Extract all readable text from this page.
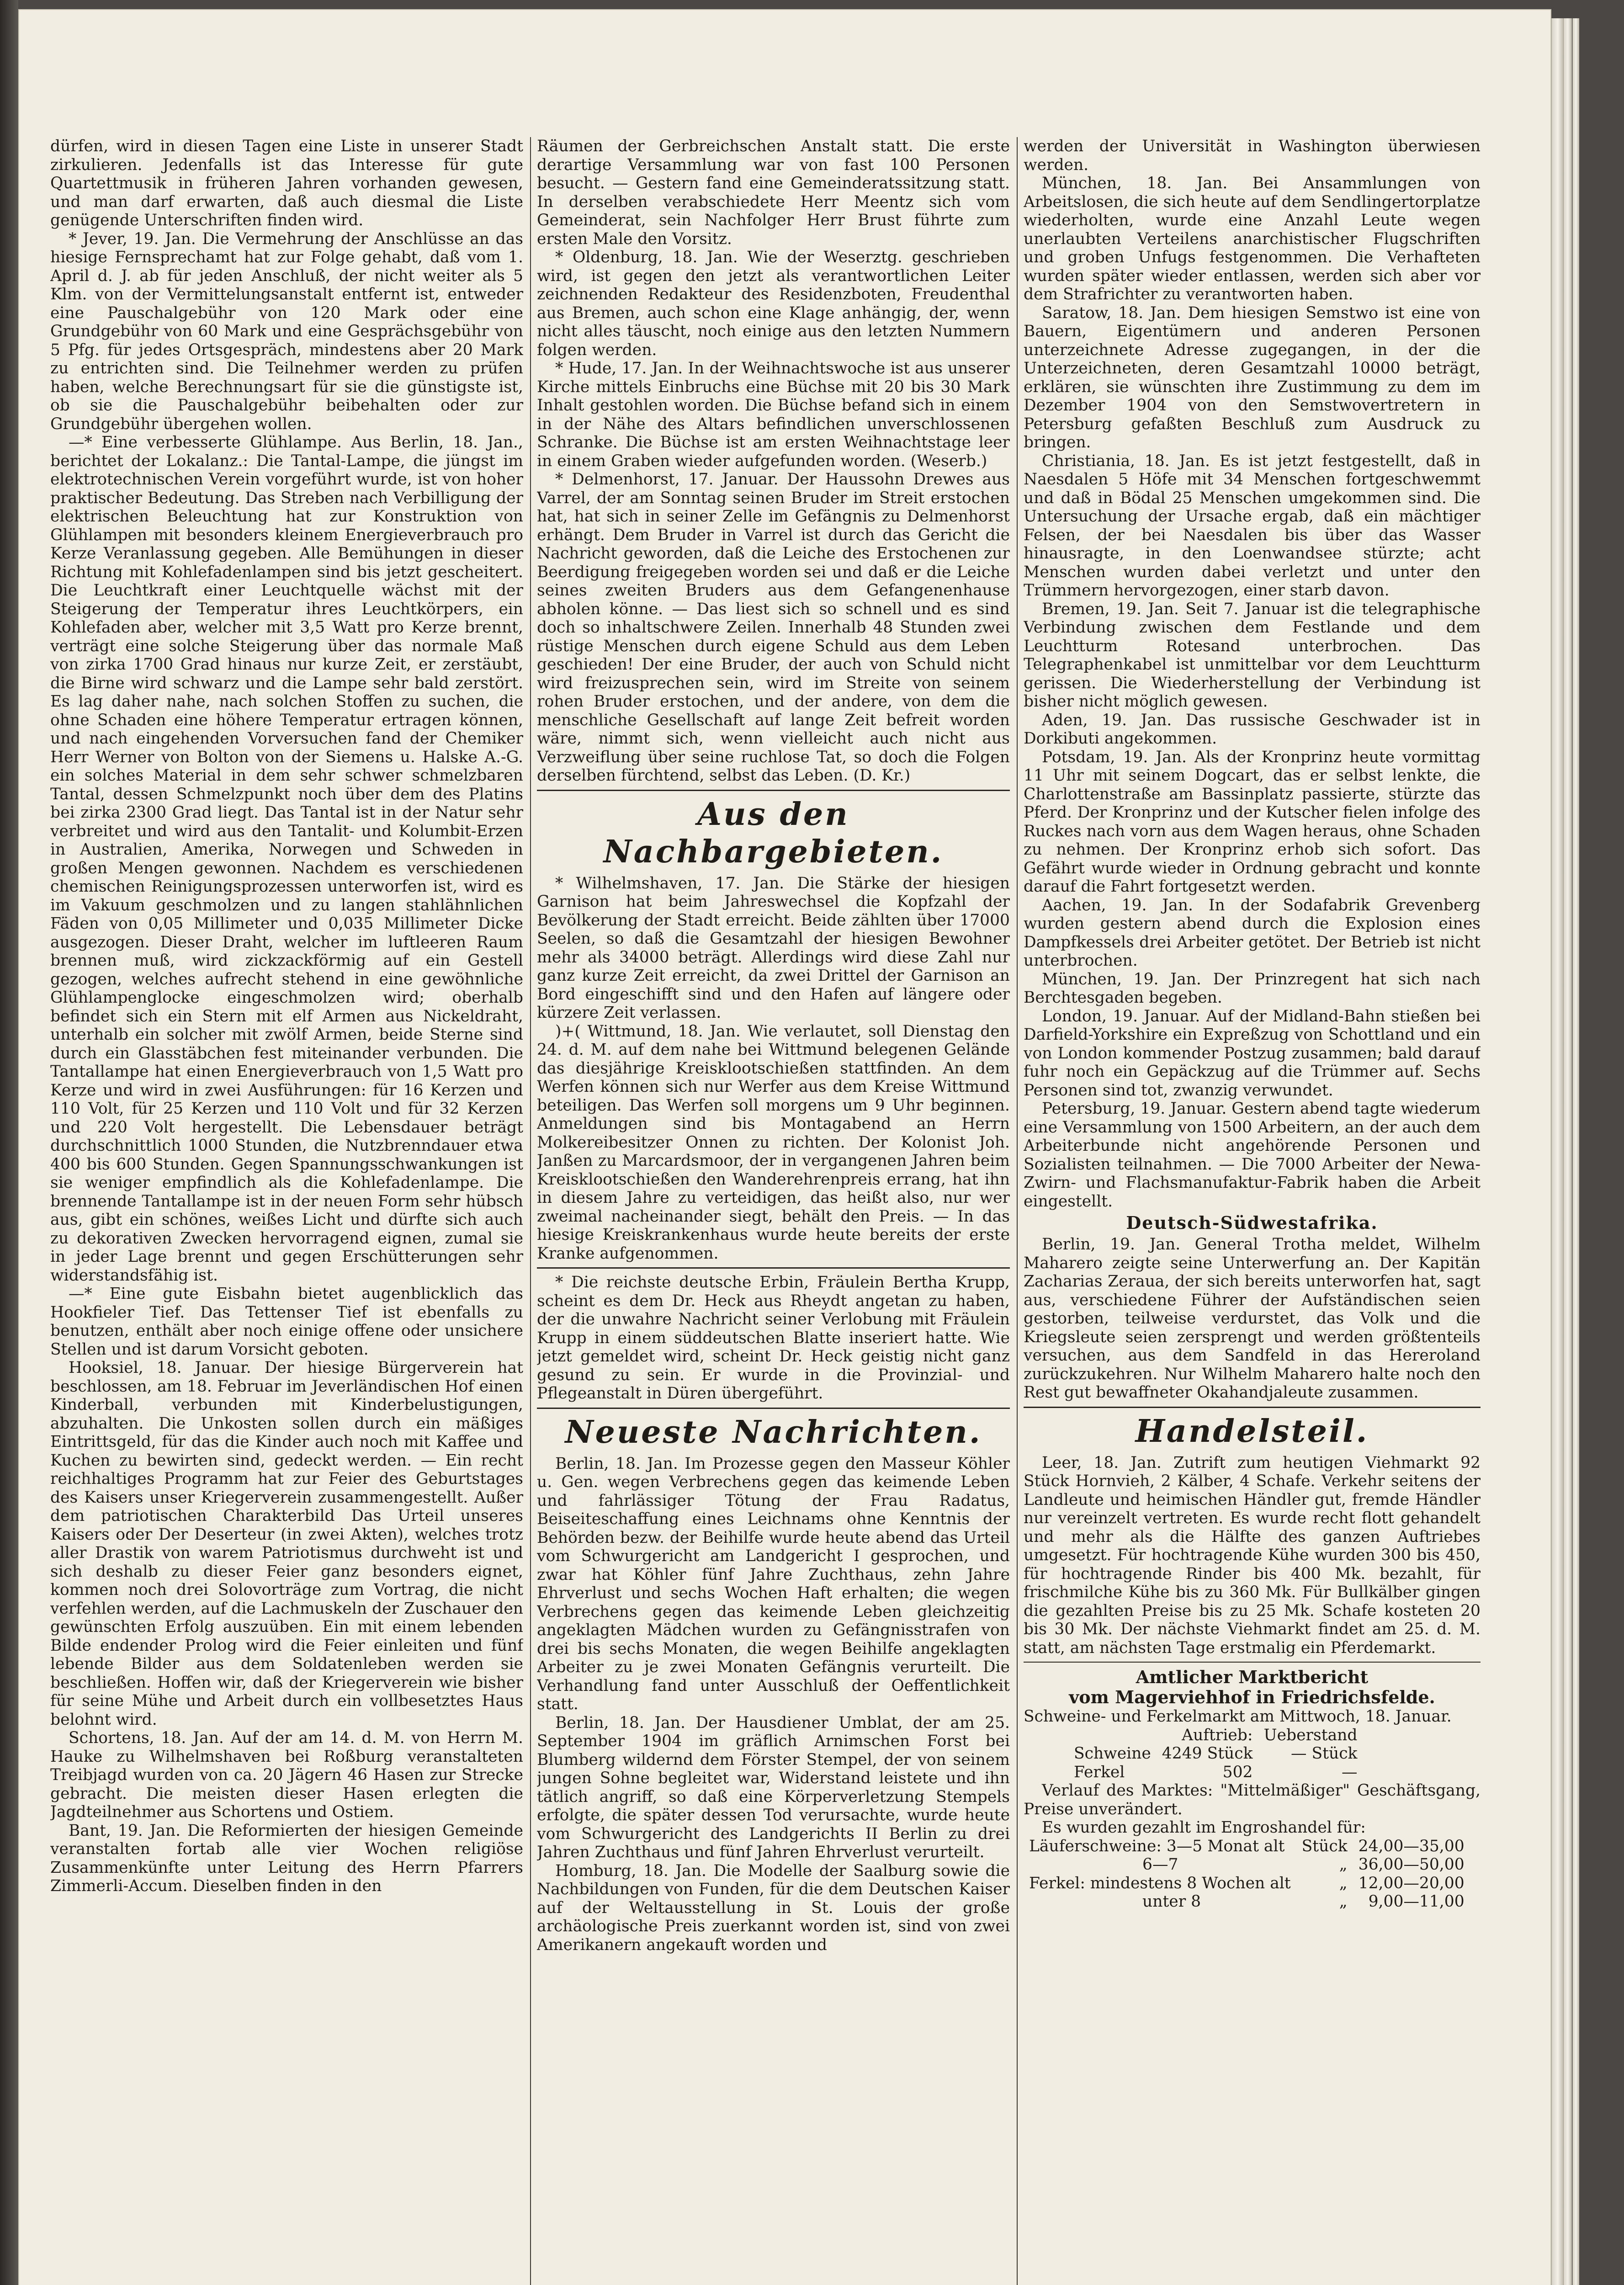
dürfen, wird in diesen Tagen eine Liste in unserer Stadt zirkulieren. Jedenfalls ist das Interesse für gute Quartettmusik in früheren Jahren vorhanden gewesen, und man darf erwarten, daß auch diesmal die Liste genügende Unterschriften finden wird.

* Jever, 19. Jan. Die Vermehrung der Anschlüsse an das hiesige Fernsprechamt hat zur Folge gehabt, daß vom 1. April d. J. ab für jeden Anschluß, der nicht weiter als 5 Klm. von der Vermittelungsanstalt entfernt ist, entweder eine Pauschalgebühr von 120 Mark oder eine Grundgebühr von 60 Mark und eine Gesprächsgebühr von 5 Pfg. für jedes Ortsgespräch, mindestens aber 20 Mark zu entrichten sind. Die Teilnehmer werden zu prüfen haben, welche Berechnungsart für sie die günstigste ist, ob sie die Pauschalgebühr beibehalten oder zur Grundgebühr übergehen wollen.

—* Eine verbesserte Glühlampe. Aus Berlin, 18. Jan., berichtet der Lokalanz.: Die Tantal-Lampe, die jüngst im elektrotechnischen Verein vorgeführt wurde, ist von hoher praktischer Bedeutung. Das Streben nach Verbilligung der elektrischen Beleuchtung hat zur Konstruktion von Glühlampen mit besonders kleinem Energieverbrauch pro Kerze Veranlassung gegeben. Alle Bemühungen in dieser Richtung mit Kohlefadenlampen sind bis jetzt gescheitert. Die Leuchtkraft einer Leuchtquelle wächst mit der Steigerung der Temperatur ihres Leuchtkörpers, ein Kohlefaden aber, welcher mit 3,5 Watt pro Kerze brennt, verträgt eine solche Steigerung über das normale Maß von zirka 1700 Grad hinaus nur kurze Zeit, er zerstäubt, die Birne wird schwarz und die Lampe sehr bald zerstört. Es lag daher nahe, nach solchen Stoffen zu suchen, die ohne Schaden eine höhere Temperatur ertragen können, und nach eingehenden Vorversuchen fand der Chemiker Herr Werner von Bolton von der Siemens u. Halske A.-G. ein solches Material in dem sehr schwer schmelzbaren Tantal, dessen Schmelzpunkt noch über dem des Platins bei zirka 2300 Grad liegt. Das Tantal ist in der Natur sehr verbreitet und wird aus den Tantalit- und Kolumbit-Erzen in Australien, Amerika, Norwegen und Schweden in großen Mengen gewonnen. Nachdem es verschiedenen chemischen Reinigungsprozessen unterworfen ist, wird es im Vakuum geschmolzen und zu langen stahlähnlichen Fäden von 0,05 Millimeter und 0,035 Millimeter Dicke ausgezogen. Dieser Draht, welcher im luftleeren Raum brennen muß, wird zickzackförmig auf ein Gestell gezogen, welches aufrecht stehend in eine gewöhnliche Glühlampenglocke eingeschmolzen wird; oberhalb befindet sich ein Stern mit elf Armen aus Nickeldraht, unterhalb ein solcher mit zwölf Armen, beide Sterne sind durch ein Glasstäbchen fest miteinander verbunden. Die Tantallampe hat einen Energieverbrauch von 1,5 Watt pro Kerze und wird in zwei Ausführungen: für 16 Kerzen und 110 Volt, für 25 Kerzen und 110 Volt und für 32 Kerzen und 220 Volt hergestellt. Die Lebensdauer beträgt durchschnittlich 1000 Stunden, die Nutzbrenndauer etwa 400 bis 600 Stunden. Gegen Spannungsschwankungen ist sie weniger empfindlich als die Kohlefadenlampe. Die brennende Tantallampe ist in der neuen Form sehr hübsch aus, gibt ein schönes, weißes Licht und dürfte sich auch zu dekorativen Zwecken hervorragend eignen, zumal sie in jeder Lage brennt und gegen Erschütterungen sehr widerstandsfähig ist.

—* Eine gute Eisbahn bietet augenblicklich das Hookfieler Tief. Das Tettenser Tief ist ebenfalls zu benutzen, enthält aber noch einige offene oder unsichere Stellen und ist darum Vorsicht geboten.

Hooksiel, 18. Januar. Der hiesige Bürgerverein hat beschlossen, am 18. Februar im Jeverländischen Hof einen Kinderball, verbunden mit Kinderbelustigungen, abzuhalten. Die Unkosten sollen durch ein mäßiges Eintrittsgeld, für das die Kinder auch noch mit Kaffee und Kuchen zu bewirten sind, gedeckt werden. — Ein recht reichhaltiges Programm hat zur Feier des Geburtstages des Kaisers unser Kriegerverein zusammengestellt. Außer dem patriotischen Charakterbild Das Urteil unseres Kaisers oder Der Deserteur (in zwei Akten), welches trotz aller Drastik von warem Patriotismus durchweht ist und sich deshalb zu dieser Feier ganz besonders eignet, kommen noch drei Solovorträge zum Vortrag, die nicht verfehlen werden, auf die Lachmuskeln der Zuschauer den gewünschten Erfolg auszuüben. Ein mit einem lebenden Bilde endender Prolog wird die Feier einleiten und fünf lebende Bilder aus dem Soldatenleben werden sie beschließen. Hoffen wir, daß der Kriegerverein wie bisher für seine Mühe und Arbeit durch ein vollbesetztes Haus belohnt wird.

Schortens, 18. Jan. Auf der am 14. d. M. von Herrn M. Hauke zu Wilhelmshaven bei Roßburg veranstalteten Treibjagd wurden von ca. 20 Jägern 46 Hasen zur Strecke gebracht. Die meisten dieser Hasen erlegten die Jagdteilnehmer aus Schortens und Ostiem.

Bant, 19. Jan. Die Reformierten der hiesigen Gemeinde veranstalten fortab alle vier Wochen religiöse Zusammenkünfte unter Leitung des Herrn Pfarrers Zimmerli-Accum. Dieselben finden in den

Räumen der Gerbreichschen Anstalt statt. Die erste derartige Versammlung war von fast 100 Personen besucht. — Gestern fand eine Gemeinderatssitzung statt. In derselben verabschiedete Herr Meentz sich vom Gemeinderat, sein Nachfolger Herr Brust führte zum ersten Male den Vorsitz.

* Oldenburg, 18. Jan. Wie der Weserztg. geschrieben wird, ist gegen den jetzt als verantwortlichen Leiter zeichnenden Redakteur des Residenzboten, Freudenthal aus Bremen, auch schon eine Klage anhängig, der, wenn nicht alles täuscht, noch einige aus den letzten Nummern folgen werden.

* Hude, 17. Jan. In der Weihnachtswoche ist aus unserer Kirche mittels Einbruchs eine Büchse mit 20 bis 30 Mark Inhalt gestohlen worden. Die Büchse befand sich in einem in der Nähe des Altars befindlichen unverschlossenen Schranke. Die Büchse ist am ersten Weihnachtstage leer in einem Graben wieder aufgefunden worden. (Weserb.)

* Delmenhorst, 17. Januar. Der Haussohn Drewes aus Varrel, der am Sonntag seinen Bruder im Streit erstochen hat, hat sich in seiner Zelle im Gefängnis zu Delmenhorst erhängt. Dem Bruder in Varrel ist durch das Gericht die Nachricht geworden, daß die Leiche des Erstochenen zur Beerdigung freigegeben worden sei und daß er die Leiche seines zweiten Bruders aus dem Gefangenenhause abholen könne. — Das liest sich so schnell und es sind doch so inhaltschwere Zeilen. Innerhalb 48 Stunden zwei rüstige Menschen durch eigene Schuld aus dem Leben geschieden! Der eine Bruder, der auch von Schuld nicht wird freizusprechen sein, wird im Streite von seinem rohen Bruder erstochen, und der andere, von dem die menschliche Gesellschaft auf lange Zeit befreit worden wäre, nimmt sich, wenn vielleicht auch nicht aus Verzweiflung über seine ruchlose Tat, so doch die Folgen derselben fürchtend, selbst das Leben. (D. Kr.)

Aus den Nachbargebieten.

* Wilhelmshaven, 17. Jan. Die Stärke der hiesigen Garnison hat beim Jahreswechsel die Kopfzahl der Bevölkerung der Stadt erreicht. Beide zählten über 17000 Seelen, so daß die Gesamtzahl der hiesigen Bewohner mehr als 34000 beträgt. Allerdings wird diese Zahl nur ganz kurze Zeit erreicht, da zwei Drittel der Garnison an Bord eingeschifft sind und den Hafen auf längere oder kürzere Zeit verlassen.

)+( Wittmund, 18. Jan. Wie verlautet, soll Dienstag den 24. d. M. auf dem nahe bei Wittmund belegenen Gelände das diesjährige Kreisklootschießen stattfinden. An dem Werfen können sich nur Werfer aus dem Kreise Wittmund beteiligen. Das Werfen soll morgens um 9 Uhr beginnen. Anmeldungen sind bis Montagabend an Herrn Molkereibesitzer Onnen zu richten. Der Kolonist Joh. Janßen zu Marcardsmoor, der in vergangenen Jahren beim Kreisklootschießen den Wanderehrenpreis errang, hat ihn in diesem Jahre zu verteidigen, das heißt also, nur wer zweimal nacheinander siegt, behält den Preis. — In das hiesige Kreiskrankenhaus wurde heute bereits der erste Kranke aufgenommen.

* Die reichste deutsche Erbin, Fräulein Bertha Krupp, scheint es dem Dr. Heck aus Rheydt angetan zu haben, der die unwahre Nachricht seiner Verlobung mit Fräulein Krupp in einem süddeutschen Blatte inseriert hatte. Wie jetzt gemeldet wird, scheint Dr. Heck geistig nicht ganz gesund zu sein. Er wurde in die Provinzial- und Pflegeanstalt in Düren übergeführt.

Neueste Nachrichten.

Berlin, 18. Jan. Im Prozesse gegen den Masseur Köhler u. Gen. wegen Verbrechens gegen das keimende Leben und fahrlässiger Tötung der Frau Radatus, Beiseiteschaffung eines Leichnams ohne Kenntnis der Behörden bezw. der Beihilfe wurde heute abend das Urteil vom Schwurgericht am Landgericht I gesprochen, und zwar hat Köhler fünf Jahre Zuchthaus, zehn Jahre Ehrverlust und sechs Wochen Haft erhalten; die wegen Verbrechens gegen das keimende Leben gleichzeitig angeklagten Mädchen wurden zu Gefängnisstrafen von drei bis sechs Monaten, die wegen Beihilfe angeklagten Arbeiter zu je zwei Monaten Gefängnis verurteilt. Die Verhandlung fand unter Ausschluß der Oeffentlichkeit statt.

Berlin, 18. Jan. Der Hausdiener Umblat, der am 25. September 1904 im gräflich Arnimschen Forst bei Blumberg wildernd dem Förster Stempel, der von seinem jungen Sohne begleitet war, Widerstand leistete und ihn tätlich angriff, so daß eine Körperverletzung Stempels erfolgte, die später dessen Tod verursachte, wurde heute vom Schwurgericht des Landgerichts II Berlin zu drei Jahren Zuchthaus und fünf Jahren Ehrverlust verurteilt.

Homburg, 18. Jan. Die Modelle der Saalburg sowie die Nachbildungen von Funden, für die dem Deutschen Kaiser auf der Weltausstellung in St. Louis der große archäologische Preis zuerkannt worden ist, sind von zwei Amerikanern angekauft worden und

werden der Universität in Washington überwiesen werden.

München, 18. Jan. Bei Ansammlungen von Arbeitslosen, die sich heute auf dem Sendlingertorplatze wiederholten, wurde eine Anzahl Leute wegen unerlaubten Verteilens anarchistischer Flugschriften und groben Unfugs festgenommen. Die Verhafteten wurden später wieder entlassen, werden sich aber vor dem Strafrichter zu verantworten haben.

Saratow, 18. Jan. Dem hiesigen Semstwo ist eine von Bauern, Eigentümern und anderen Personen unterzeichnete Adresse zugegangen, in der die Unterzeichneten, deren Gesamtzahl 10000 beträgt, erklären, sie wünschten ihre Zustimmung zu dem im Dezember 1904 von den Semstwovertretern in Petersburg gefaßten Beschluß zum Ausdruck zu bringen.

Christiania, 18. Jan. Es ist jetzt festgestellt, daß in Naesdalen 5 Höfe mit 34 Menschen fortgeschwemmt und daß in Bödal 25 Menschen umgekommen sind. Die Untersuchung der Ursache ergab, daß ein mächtiger Felsen, der bei Naesdalen bis über das Wasser hinausragte, in den Loenwandsee stürzte; acht Menschen wurden dabei verletzt und unter den Trümmern hervorgezogen, einer starb davon.

Bremen, 19. Jan. Seit 7. Januar ist die telegraphische Verbindung zwischen dem Festlande und dem Leuchtturm Rotesand unterbrochen. Das Telegraphenkabel ist unmittelbar vor dem Leuchtturm gerissen. Die Wiederherstellung der Verbindung ist bisher nicht möglich gewesen.

Aden, 19. Jan. Das russische Geschwader ist in Dorkibuti angekommen.

Potsdam, 19. Jan. Als der Kronprinz heute vormittag 11 Uhr mit seinem Dogcart, das er selbst lenkte, die Charlottenstraße am Bassinplatz passierte, stürzte das Pferd. Der Kronprinz und der Kutscher fielen infolge des Ruckes nach vorn aus dem Wagen heraus, ohne Schaden zu nehmen. Der Kronprinz erhob sich sofort. Das Gefährt wurde wieder in Ordnung gebracht und konnte darauf die Fahrt fortgesetzt werden.

Aachen, 19. Jan. In der Sodafabrik Grevenberg wurden gestern abend durch die Explosion eines Dampfkessels drei Arbeiter getötet. Der Betrieb ist nicht unterbrochen.

München, 19. Jan. Der Prinzregent hat sich nach Berchtesgaden begeben.

London, 19. Januar. Auf der Midland-Bahn stießen bei Darfield-Yorkshire ein Expreßzug von Schottland und ein von London kommender Postzug zusammen; bald darauf fuhr noch ein Gepäckzug auf die Trümmer auf. Sechs Personen sind tot, zwanzig verwundet.

Petersburg, 19. Januar. Gestern abend tagte wiederum eine Versammlung von 1500 Arbeitern, an der auch dem Arbeiterbunde nicht angehörende Personen und Sozialisten teilnahmen. — Die 7000 Arbeiter der Newa-Zwirn- und Flachsmanufaktur-Fabrik haben die Arbeit eingestellt.

Deutsch-Südwestafrika.

Berlin, 19. Jan. General Trotha meldet, Wilhelm Maharero zeigte seine Unterwerfung an. Der Kapitän Zacharias Zeraua, der sich bereits unterworfen hat, sagt aus, verschiedene Führer der Aufständischen seien gestorben, teilweise verdurstet, das Volk und die Kriegsleute seien zersprengt und werden größtenteils versuchen, aus dem Sandfeld in das Hereroland zurückzukehren. Nur Wilhelm Maharero halte noch den Rest gut bewaffneter Okahandjaleute zusammen.

Handelsteil.

Leer, 18. Jan. Zutrift zum heutigen Viehmarkt 92 Stück Hornvieh, 2 Kälber, 4 Schafe. Verkehr seitens der Landleute und heimischen Händler gut, fremde Händler nur vereinzelt vertreten. Es wurde recht flott gehandelt und mehr als die Hälfte des ganzen Auftriebes umgesetzt. Für hochtragende Kühe wurden 300 bis 450, für hochtragende Rinder bis 400 Mk. bezahlt, für frischmilche Kühe bis zu 360 Mk. Für Bullkälber gingen die gezahlten Preise bis zu 25 Mk. Schafe kosteten 20 bis 30 Mk. Der nächste Viehmarkt findet am 25. d. M. statt, am nächsten Tage erstmalig ein Pferdemarkt.

Amtlicher Marktbericht
vom Magerviehhof in Friedrichsfelde.

Schweine- und Ferkelmarkt am Mittwoch, 18. Januar.

	Auftrieb:	Ueberstand
Schweine	4249 Stück	— Stück
Ferkel	502	—

Verlauf des Marktes: "Mittelmäßiger" Geschäftsgang, Preise unverändert.

Es wurden gezahlt im Engroshandel für:

Läuferschweine: 3—5 Monat alt	Stück	24,00—35,00
6—7	„	36,00—50,00
Ferkel: mindestens 8 Wochen alt	„	12,00—20,00
unter 8	„	9,00—11,00
